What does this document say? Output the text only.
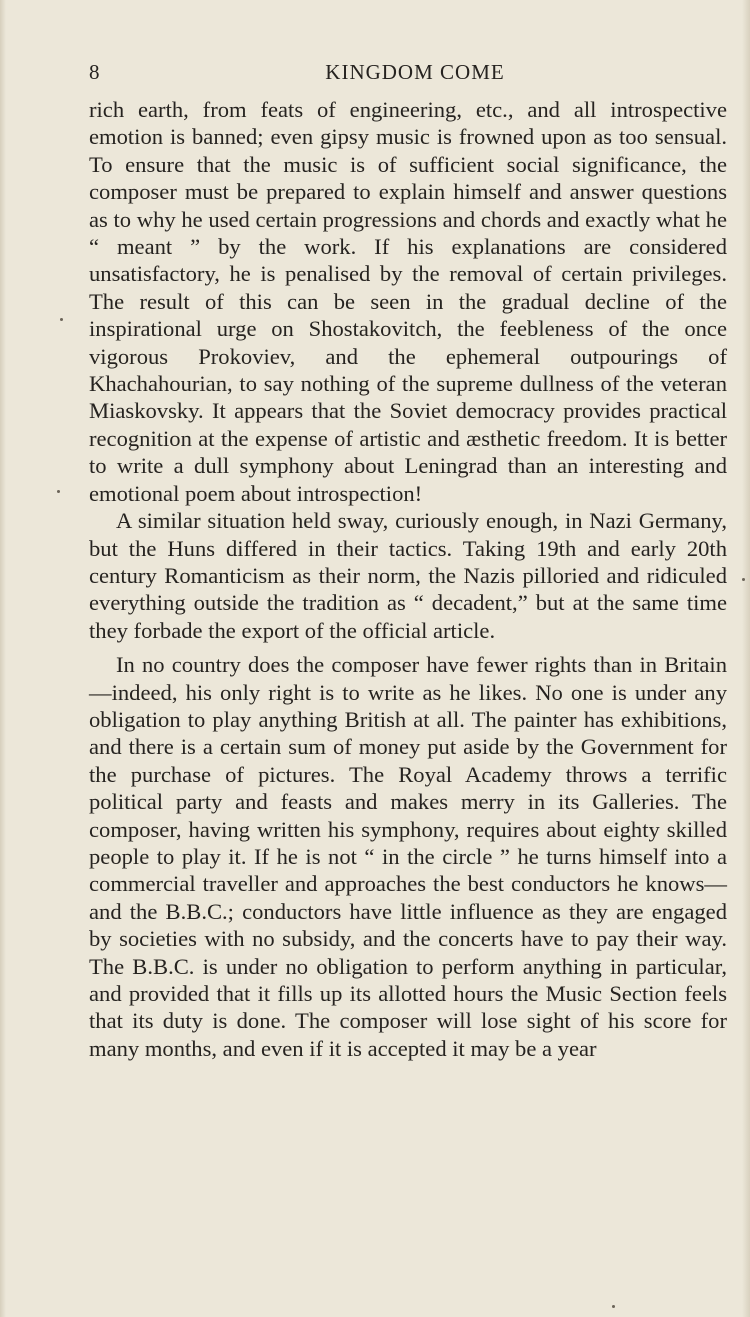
8	KINGDOM COME

rich earth, from feats of engineering, etc., and all introspective emotion is banned; even gipsy music is frowned upon as too sensual. To ensure that the music is of sufficient social significance, the composer must be prepared to explain himself and answer questions as to why he used certain progressions and chords and exactly what he “ meant ” by the work. If his explanations are considered unsatisfactory, he is penalised by the removal of certain privileges. The result of this can be seen in the gradual decline of the inspirational urge on Shostakovitch, the feebleness of the once vigorous Prokoviev, and the ephemeral outpourings of Khachahourian, to say nothing of the supreme dullness of the veteran Miaskovsky. It appears that the Soviet democracy provides practical recognition at the expense of artistic and æsthetic freedom. It is better to write a dull symphony about Leningrad than an interesting and emotional poem about introspection!

A similar situation held sway, curiously enough, in Nazi Germany, but the Huns differed in their tactics. Taking 19th and early 20th century Romanticism as their norm, the Nazis pilloried and ridiculed everything outside the tradition as “ decadent,” but at the same time they forbade the export of the official article.

In no country does the composer have fewer rights than in Britain—indeed, his only right is to write as he likes. No one is under any obligation to play anything British at all. The painter has exhibitions, and there is a certain sum of money put aside by the Government for the purchase of pictures. The Royal Academy throws a terrific political party and feasts and makes merry in its Galleries. The composer, having written his symphony, requires about eighty skilled people to play it. If he is not “ in the circle ” he turns himself into a commercial traveller and approaches the best conductors he knows—and the B.B.C.; conductors have little influence as they are engaged by societies with no subsidy, and the concerts have to pay their way. The B.B.C. is under no obligation to perform anything in particular, and provided that it fills up its allotted hours the Music Section feels that its duty is done. The composer will lose sight of his score for many months, and even if it is accepted it may be a year
